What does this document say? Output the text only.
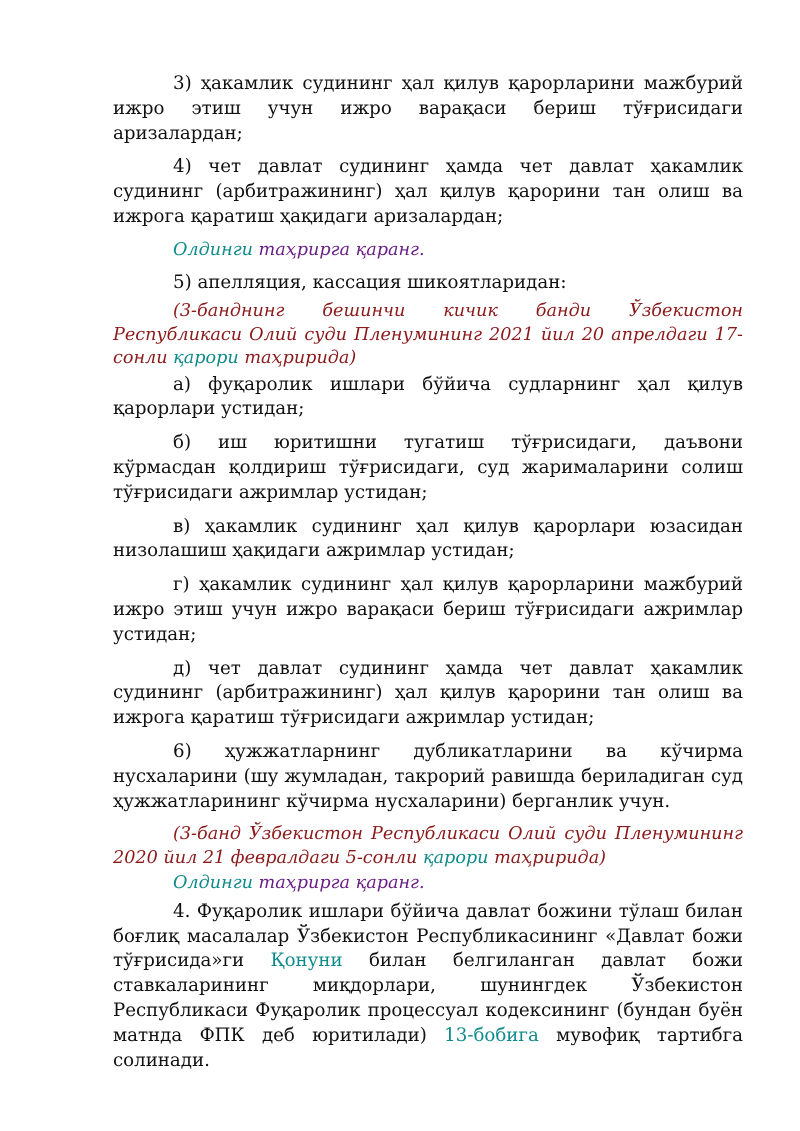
3) ҳакамлик судининг ҳал қилув қарорларини мажбурий ижро этиш учун ижро варақаси бериш тўғрисидаги аризалардан;

4) чет давлат судининг ҳамда чет давлат ҳакамлик судининг (арбитражининг) ҳал қилув қарорини тан олиш ва ижрога қаратиш ҳақидаги аризалардан;

Олдинги таҳрирга қаранг.

5) апелляция, кассация шикоятларидан:

(3-банднинг бешинчи кичик банди Ўзбекистон Республикаси Олий суди Пленумининг 2021 йил 20 апрелдаги 17-сонли қарори таҳририда)

а) фуқаролик ишлари бўйича судларнинг ҳал қилув қарорлари устидан;

б) иш юритишни тугатиш тўғрисидаги, даъвони кўрмасдан қолдириш тўғрисидаги, суд жарималарини солиш тўғрисидаги ажримлар устидан;

в) ҳакамлик судининг ҳал қилув қарорлари юзасидан низолашиш ҳақидаги ажримлар устидан;

г) ҳакамлик судининг ҳал қилув қарорларини мажбурий ижро этиш учун ижро варақаси бериш тўғрисидаги ажримлар устидан;

д) чет давлат судининг ҳамда чет давлат ҳакамлик судининг (арбитражининг) ҳал қилув қарорини тан олиш ва ижрога қаратиш тўғрисидаги ажримлар устидан;

6) ҳужжатларнинг дубликатларини ва кўчирма нусхаларини (шу жумладан, такрорий равишда бериладиган суд ҳужжатларининг кўчирма нусхаларини) берганлик учун.

(3-банд Ўзбекистон Республикаси Олий суди Пленумининг 2020 йил 21 февралдаги 5-сонли қарори таҳририда)

Олдинги таҳрирга қаранг.

4. Фуқаролик ишлари бўйича давлат божини тўлаш билан боғлиқ масалалар Ўзбекистон Республикасининг «Давлат божи тўғрисида»ги Қонуни билан белгиланган давлат божи ставкаларининг миқдорлари, шунингдек Ўзбекистон Республикаси Фуқаролик процессуал кодексининг (бундан буён матнда ФПК деб юритилади) 13-бобига мувофиқ тартибга солинади.
